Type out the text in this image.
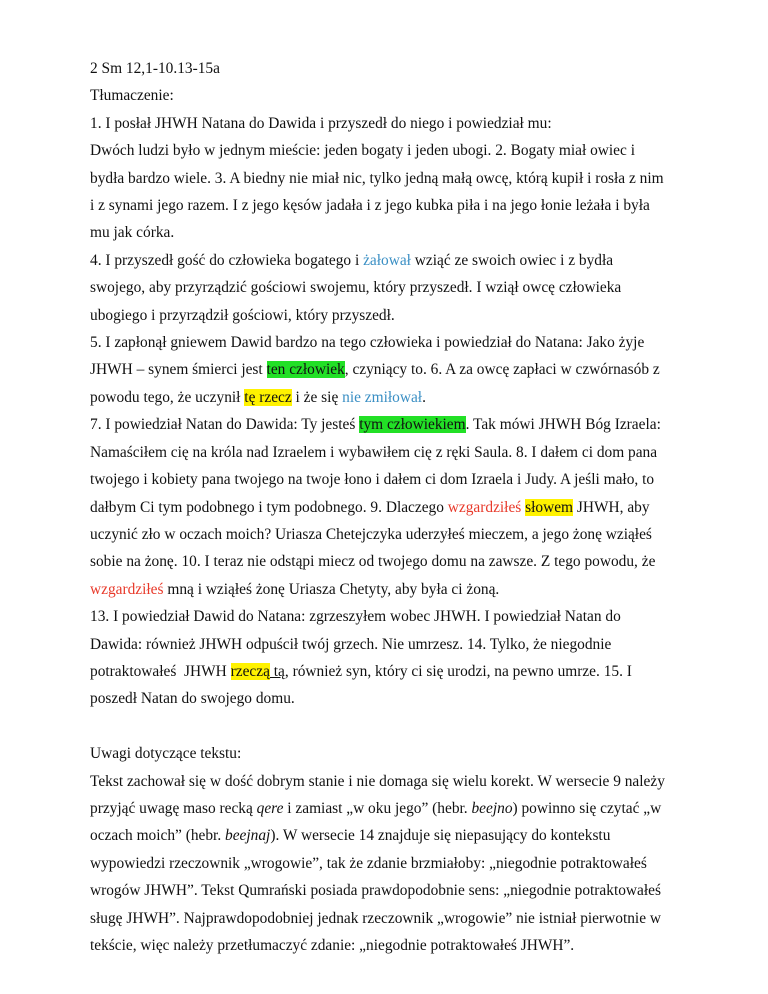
2 Sm 12,1-10.13-15a
Tłumaczenie:
1. I posłał JHWH Natana do Dawida i przyszedł do niego i powiedział mu:
Dwóch ludzi było w jednym mieście: jeden bogaty i jeden ubogi. 2. Bogaty miał owiec i
bydła bardzo wiele. 3. A biedny nie miał nic, tylko jedną małą owcę, którą kupił i rosła z nim
i z synami jego razem. I z jego kęsów jadała i z jego kubka piła i na jego łonie leżała i była
mu jak córka.
4. I przyszedł gość do człowieka bogatego i żałował wziąć ze swoich owiec i z bydła
swojego, aby przyrządzić gościowi swojemu, który przyszedł. I wziął owcę człowieka
ubogiego i przyrządził gościowi, który przyszedł.
5. I zapłonął gniewem Dawid bardzo na tego człowieka i powiedział do Natana: Jako żyje
JHWH – synem śmierci jest ten człowiek, czyniący to. 6. A za owcę zapłaci w czwórnasób z
powodu tego, że uczynił tę rzecz i że się nie zmiłował.
7. I powiedział Natan do Dawida: Ty jesteś tym człowiekiem. Tak mówi JHWH Bóg Izraela:
Namaściłem cię na króla nad Izraelem i wybawiłem cię z ręki Saula. 8. I dałem ci dom pana
twojego i kobiety pana twojego na twoje łono i dałem ci dom Izraela i Judy. A jeśli mało, to
dałbym Ci tym podobnego i tym podobnego. 9. Dlaczego wzgardziłeś słowem JHWH, aby
uczynić zło w oczach moich? Uriasza Chetejczyka uderzyłeś mieczem, a jego żonę wziąłeś
sobie na żonę. 10. I teraz nie odstąpi miecz od twojego domu na zawsze. Z tego powodu, że
wzgardziłeś mną i wziąłeś żonę Uriasza Chetyty, aby była ci żoną.
13. I powiedział Dawid do Natana: zgrzeszyłem wobec JHWH. I powiedział Natan do
Dawida: również JHWH odpuścił twój grzech. Nie umrzesz. 14. Tylko, że niegodnie
potraktowałeś  JHWH rzeczą tą, również syn, który ci się urodzi, na pewno umrze. 15. I
poszedł Natan do swojego domu.
Uwagi dotyczące tekstu:
Tekst zachował się w dość dobrym stanie i nie domaga się wielu korekt. W wersecie 9 należy
przyjąć uwagę maso recką qere i zamiast „w oku jego” (hebr. beejno) powinno się czytać „w
oczach moich” (hebr. beejnaj). W wersecie 14 znajduje się niepasujący do kontekstu
wypowiedzi rzeczownik „wrogowie”, tak że zdanie brzmiałoby: „niegodnie potraktowałeś
wrogów JHWH”. Tekst Qumrański posiada prawdopodobnie sens: „niegodnie potraktowałeś
sługę JHWH”. Najprawdopodobniej jednak rzeczownik „wrogowie” nie istniał pierwotnie w
tekście, więc należy przetłumaczyć zdanie: „niegodnie potraktowałeś JHWH”.
